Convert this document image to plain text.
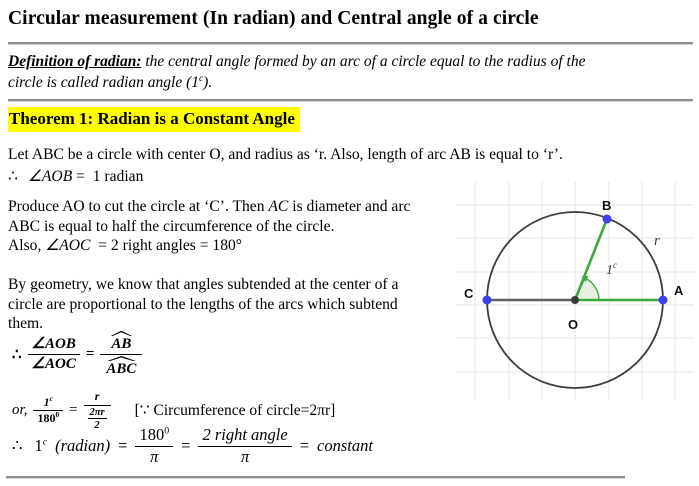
Circular measurement (In radian) and Central angle of a circle
Definition of radian: the central angle formed by an arc of a circle equal to the radius of the
circle is called radian angle (1$^c$).
Theorem 1: Radian is a Constant Angle
Let ABC be a circle with center O, and radius as ‘r. Also, length of arc AB is equal to ‘r’.
∴ ∠AOB =  1 radian
Produce AO to cut the circle at ‘C’. Then AC is diameter and arc
ABC is equal to half the circumference of the circle.
Also, ∠AOC  = 2 right angles = 180°
By geometry, we know that angles subtended at the center of a
circle are proportional to the lengths of the arcs which subtend
them.
∴ $\frac{\text{∠AOB}}{\text{∠AOC}} = \frac{AB}{\text{ABC}}$
or, $\frac{1^c}{180^0} = \frac{r}{\frac{2\pi r}{2}}$ [∵ Circumference of circle=2πr]
∴ 1$^c$ (radian) = $\frac{180^0}{\pi} = \frac{\text{2 right angle}}{\pi}$ = constant
B
A
C
O
r
1$^c$
